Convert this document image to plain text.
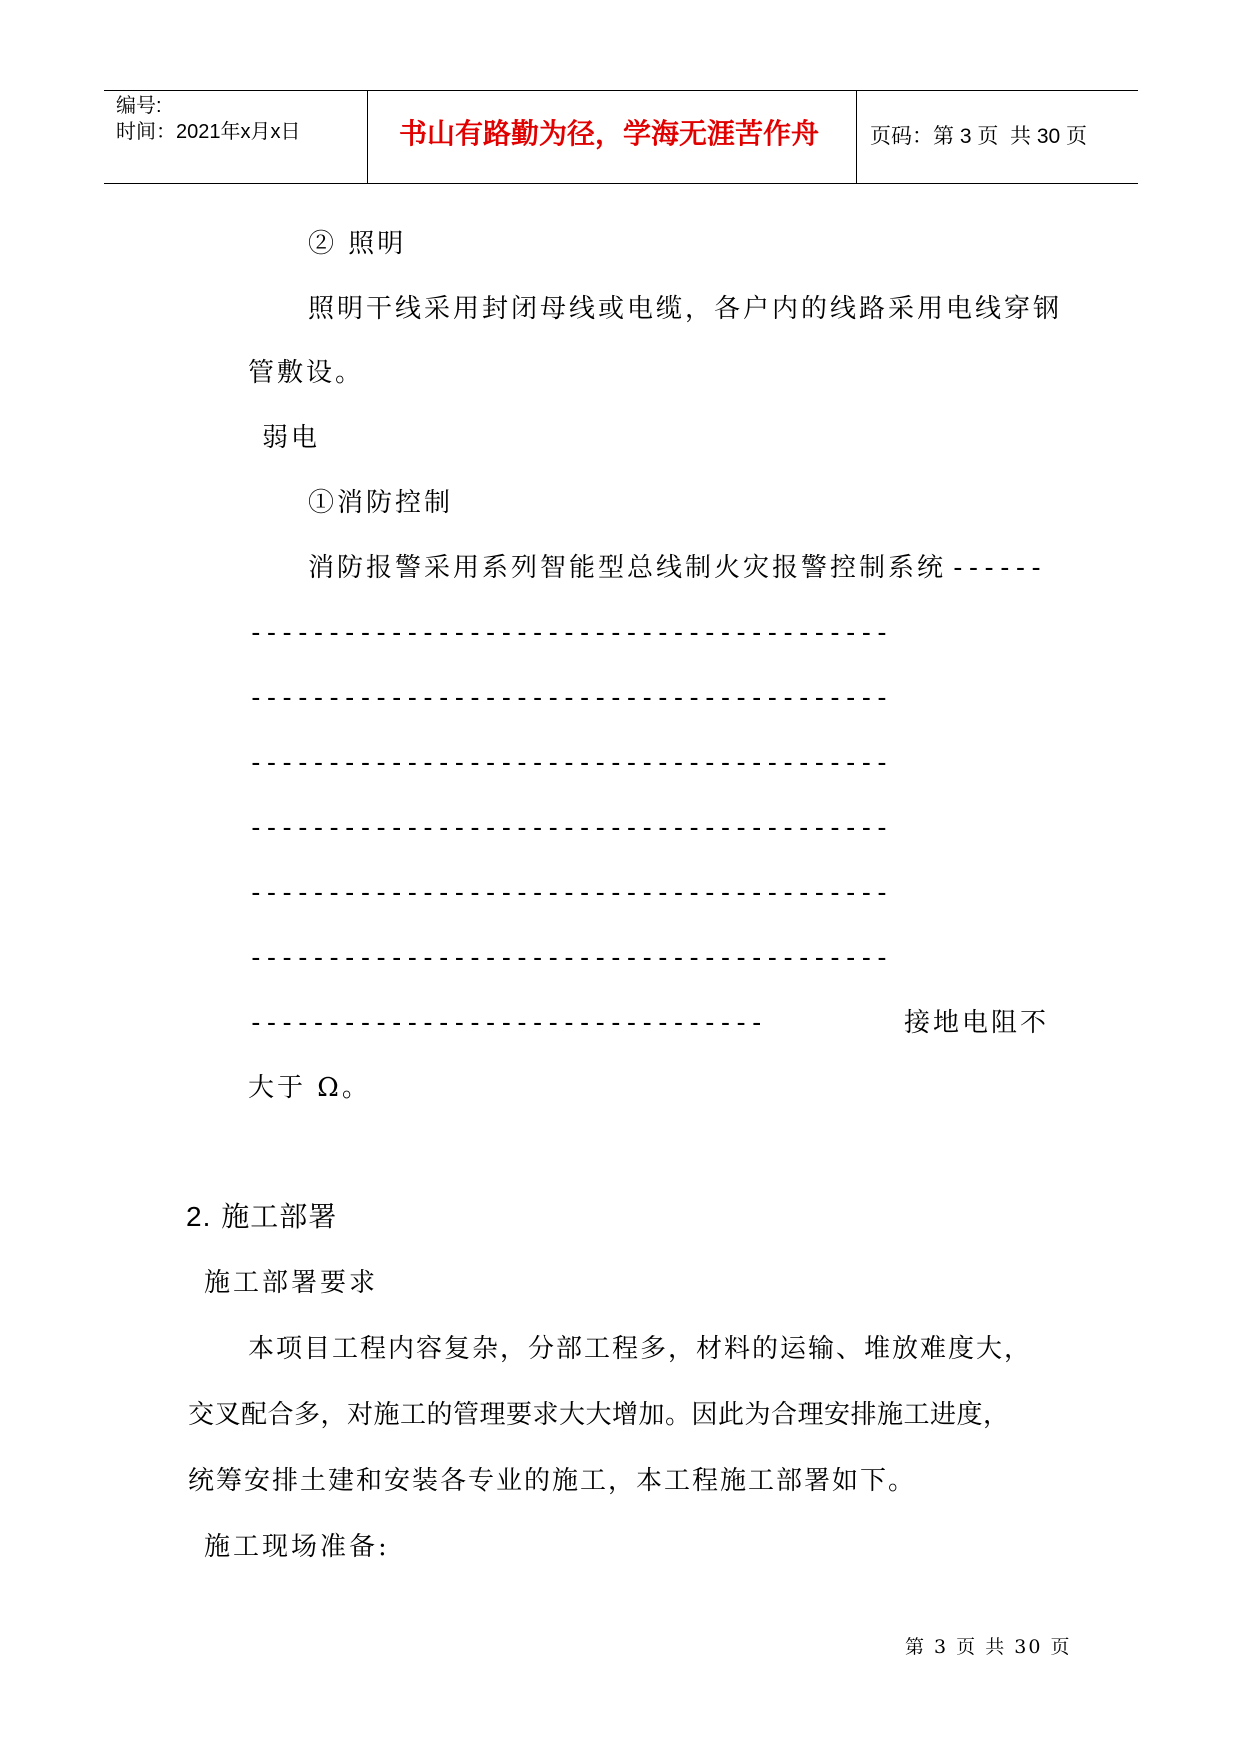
编号:
时间：2021年x月x日	书山有路勤为径，学海无涯苦作舟	页码：第 3 页  共 30 页
② 照明
照明干线采用封闭母线或电缆，各户内的线路采用电线穿钢
管敷设。
弱电
①消防控制
消防报警采用系列智能型总线制火灾报警控制系统 ------
-----------------------------------------
-----------------------------------------
-----------------------------------------
-----------------------------------------
-----------------------------------------
-----------------------------------------
---------------------------------	接地电阻不
大于 Ω。
2. 施工部署
施工部署要求
本项目工程内容复杂，分部工程多，材料的运输、堆放难度大，
交叉配合多，对施工的管理要求大大增加。因此为合理安排施工进度，
统筹安排土建和安装各专业的施工，本工程施工部署如下。
施工现场准备:
第 3 页 共 30 页
